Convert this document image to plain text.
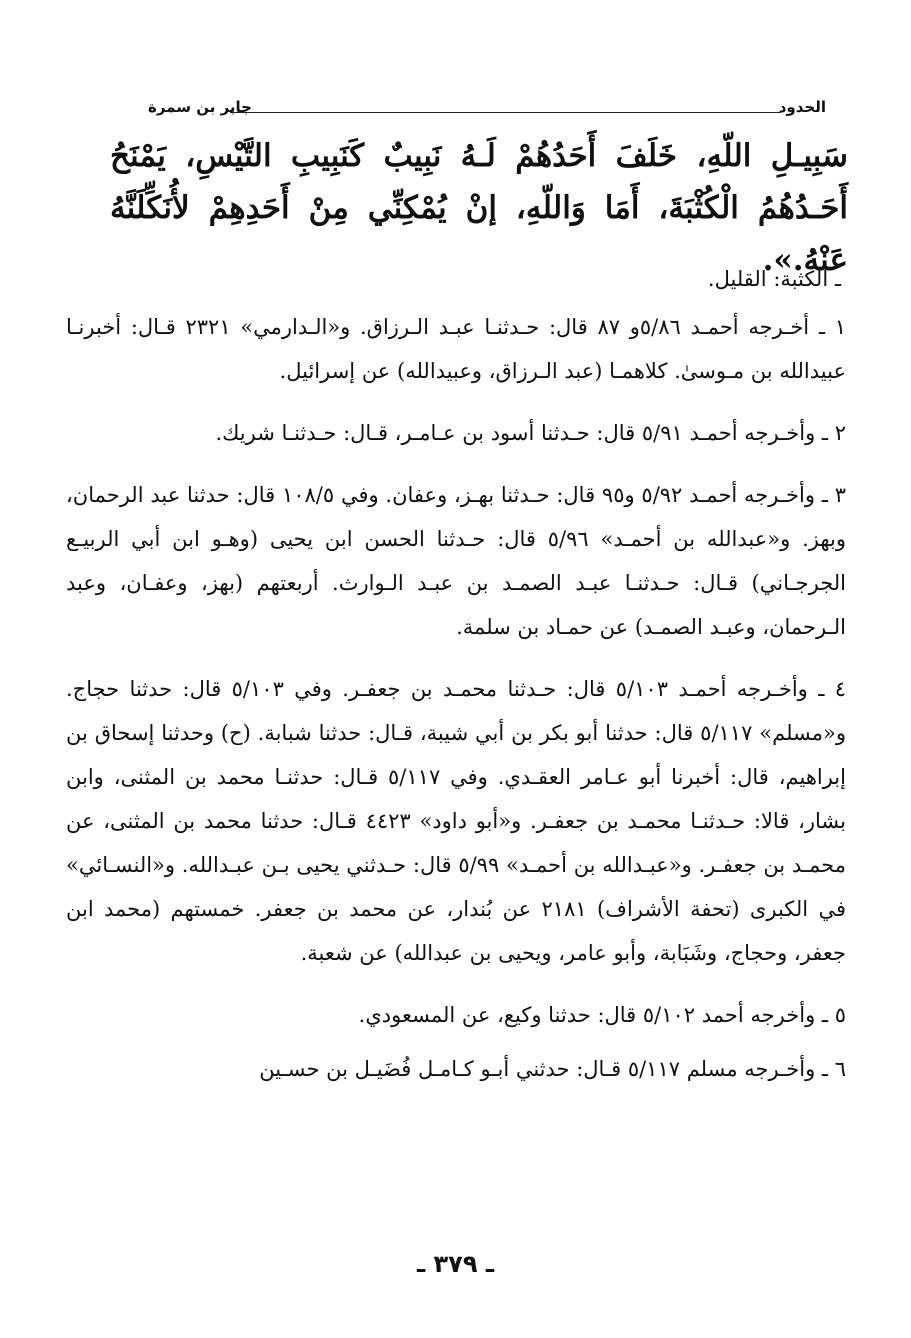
الحدود
جابر بن سمرة
سَبِيـلِ اللّهِ، خَلَفَ أَحَدُهُمْ لَـهُ نَبِيبٌ كَنَبِيبِ التَّيْسِ، يَمْنَحُ أَحَـدُهُمُ الْكُثْبَةَ، أَمَا وَاللّهِ، إنْ يُمْكِنِّي مِنْ أَحَدِهِمْ لأُنَكِّلَنَّهُ عَنْهُ.».
ـ الكثبة: القليل.

١ ـ أخـرجه أحمـد ٥/٨٦و ٨٧ قال: حـدثنـا عبـد الـرزاق. و«الـدارمي» ٢٣٢١ قـال: أخبرنـا عبيدالله بن مـوسىٰ. كلاهمـا (عبد الـرزاق، وعبيدالله) عن إسرائيل.

٢ ـ وأخـرجه أحمـد ٥/٩١ قال: حـدثنا أسود بن عـامـر، قـال: حـدثنـا شريك.

٣ ـ وأخـرجه أحمـد ٥/٩٢ و٩٥ قال: حـدثنا بهـز، وعفان. وفي ١٠٨/٥ قال: حدثنا عبد الرحمان، وبهز. و«عبدالله بن أحمـد» ٥/٩٦ قال: حـدثنا الحسن ابن يحيى (وهـو ابن أبي الربيـع الجرجـاني) قـال: حـدثنـا عبـد الصمـد بن عبـد الـوارث. أربعتهم (بهز، وعفـان، وعبد الـرحمان، وعبـد الصمـد) عن حمـاد بن سلمة.

٤ ـ وأخـرجه أحمـد ٥/١٠٣ قال: حـدثنا محمـد بن جعفـر. وفي ٥/١٠٣ قال: حدثنا حجاج. و«مسلم» ٥/١١٧ قال: حدثنا أبو بكر بن أبي شيبة، قـال: حدثنا شبابة. (ح) وحدثنا إسحاق بن إبراهيم، قال: أخبرنا أبو عـامر العقـدي. وفي ٥/١١٧ قـال: حدثنـا محمد بن المثنى، وابن بشار، قالا: حـدثنـا محمـد بن جعفـر. و«أبو داود» ٤٤٢٣ قـال: حدثنا محمد بن المثنى، عن محمـد بن جعفـر. و«عبـدالله بن أحمـد» ٥/٩٩ قال: حـدثني يحيى بـن عبـدالله. و«النسـائي» في الكبرى (تحفة الأشراف) ٢١٨١ عن بُندار، عن محمد بن جعفر. خمستهم (محمد ابن جعفر، وحجاج، وشَبَابة، وأبو عامر، ويحيى بن عبدالله) عن شعبة.

٥ ـ وأخرجه أحمد ٥/١٠٢ قال: حدثنا وكيع، عن المسعودي.

٦ ـ وأخـرجه مسلم ٥/١١٧ قـال: حدثني أبـو كـامـل فُضَيـل بن حسـين

ـ ٣٧٩ ـ
